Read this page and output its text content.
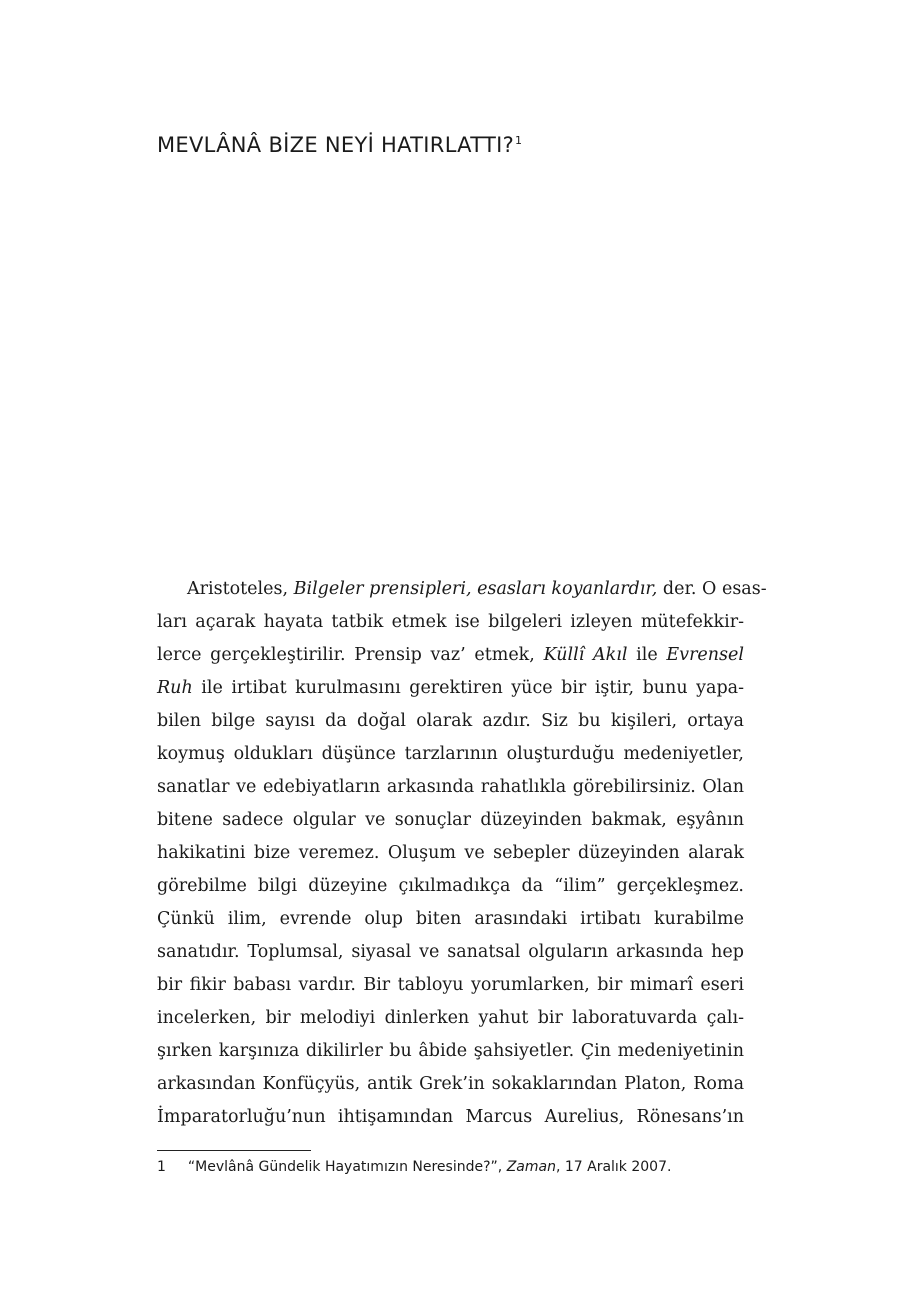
MEVLÂNÂ BİZE NEYİ HATIRLATTI?$^1$
Aristoteles, Bilgeler prensipleri, esasları koyanlardır, der. O esas-
ları açarak hayata tatbik etmek ise bilgeleri izleyen mütefekkir-
lerce gerçekleştirilir. Prensip vaz’ etmek, Küllî Akıl ile Evrensel
Ruh ile irtibat kurulmasını gerektiren yüce bir iştir, bunu yapa-
bilen bilge sayısı da doğal olarak azdır. Siz bu kişileri, ortaya
koymuş oldukları düşünce tarzlarının oluşturduğu medeniyetler,
sanatlar ve edebiyatların arkasında rahatlıkla görebilirsiniz. Olan
bitene sadece olgular ve sonuçlar düzeyinden bakmak, eşyânın
hakikatini bize veremez. Oluşum ve sebepler düzeyinden alarak
görebilme bilgi düzeyine çıkılmadıkça da “ilim” gerçekleşmez.
Çünkü ilim, evrende olup biten arasındaki irtibatı kurabilme
sanatıdır. Toplumsal, siyasal ve sanatsal olguların arkasında hep
bir fikir babası vardır. Bir tabloyu yorumlarken, bir mimarî eseri
incelerken, bir melodiyi dinlerken yahut bir laboratuvarda çalı-
şırken karşınıza dikilirler bu âbide şahsiyetler. Çin medeniyetinin
arkasından Konfüçyüs, antik Grek’in sokaklarından Platon, Roma
İmparatorluğu’nun ihtişamından Marcus Aurelius, Rönesans’ın
1 “Mevlânâ Gündelik Hayatımızın Neresinde?”, Zaman, 17 Aralık 2007.
